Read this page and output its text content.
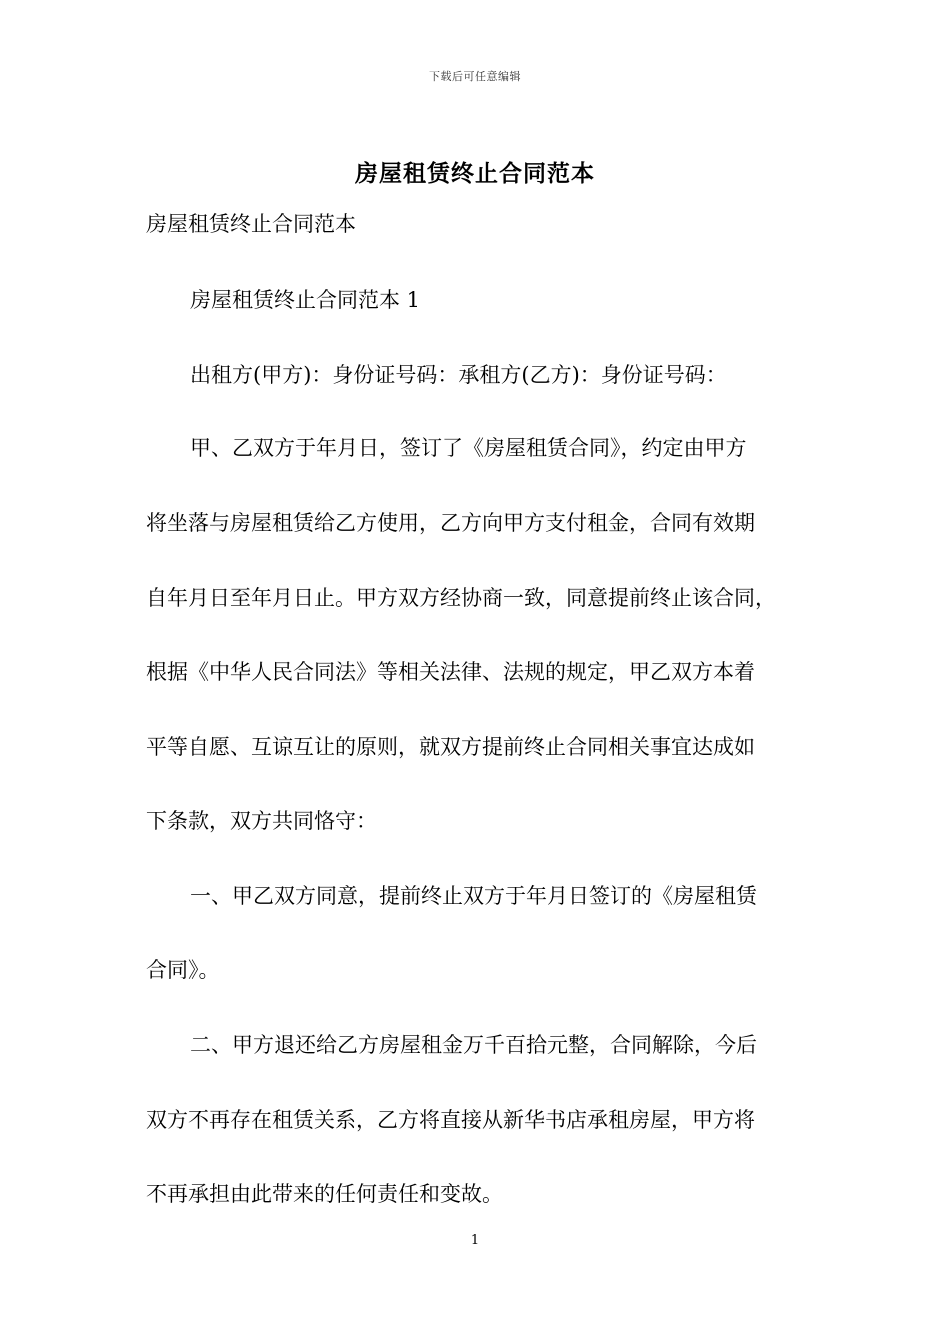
下载后可任意编辑
房屋租赁终止合同范本
房屋租赁终止合同范本
房屋租赁终止合同范本 1
出租方(甲方)：身份证号码：承租方(乙方)：身份证号码：
甲、乙双方于年月日，签订了《房屋租赁合同》，约定由甲方
将坐落与房屋租赁给乙方使用，乙方向甲方支付租金，合同有效期
自年月日至年月日止。甲方双方经协商一致，同意提前终止该合同，
根据《中华人民合同法》等相关法律、法规的规定，甲乙双方本着
平等自愿、互谅互让的原则，就双方提前终止合同相关事宜达成如
下条款，双方共同恪守：
一、甲乙双方同意，提前终止双方于年月日签订的《房屋租赁
合同》。
二、甲方退还给乙方房屋租金万千百拾元整，合同解除，今后
双方不再存在租赁关系，乙方将直接从新华书店承租房屋，甲方将
不再承担由此带来的任何责任和变故。
1
